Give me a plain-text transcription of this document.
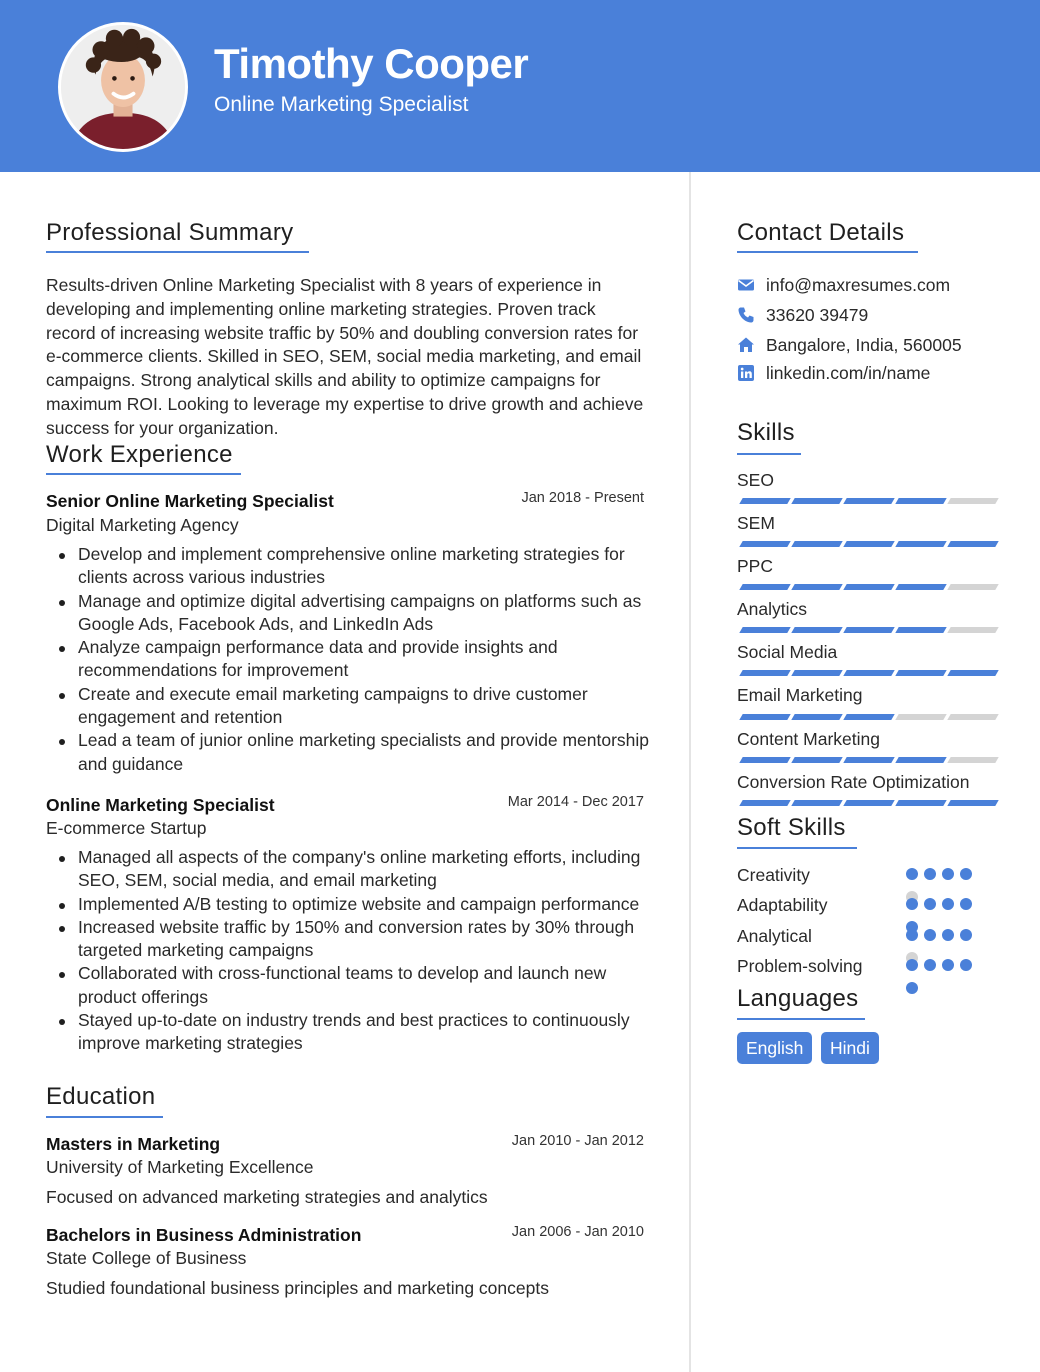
Timothy Cooper
Online Marketing Specialist
Professional Summary

Results-driven Online Marketing Specialist with 8 years of experience in developing and implementing online marketing strategies. Proven track record of increasing website traffic by 50% and doubling conversion rates for e-commerce clients. Skilled in SEO, SEM, social media marketing, and email campaigns. Strong analytical skills and ability to optimize campaigns for maximum ROI. Looking to leverage my expertise to drive growth and achieve success for your organization.

Work Experience
Senior Online Marketing Specialist	Jan 2018 - Present
Digital Marketing Agency
Develop and implement comprehensive online marketing strategies for clients across various industries
Manage and optimize digital advertising campaigns on platforms such as Google Ads, Facebook Ads, and LinkedIn Ads
Analyze campaign performance data and provide insights and recommendations for improvement
Create and execute email marketing campaigns to drive customer engagement and retention
Lead a team of junior online marketing specialists and provide mentorship and guidance
Online Marketing Specialist	Mar 2014 - Dec 2017
E-commerce Startup
Managed all aspects of the company's online marketing efforts, including SEO, SEM, social media, and email marketing
Implemented A/B testing to optimize website and campaign performance
Increased website traffic by 150% and conversion rates by 30% through targeted marketing campaigns
Collaborated with cross-functional teams to develop and launch new product offerings
Stayed up-to-date on industry trends and best practices to continuously improve marketing strategies
Education
Masters in Marketing	Jan 2010 - Jan 2012
University of Marketing Excellence
Focused on advanced marketing strategies and analytics
Bachelors in Business Administration	Jan 2006 - Jan 2010
State College of Business
Studied foundational business principles and marketing concepts
Contact Details
info@maxresumes.com
33620 39479
Bangalore, India, 560005
linkedin.com/in/name
Skills
SEO
SEM
PPC
Analytics
Social Media
Email Marketing
Content Marketing
Conversion Rate Optimization
Soft Skills
Creativity
Adaptability
Analytical
Problem-solving
Languages
English	Hindi
